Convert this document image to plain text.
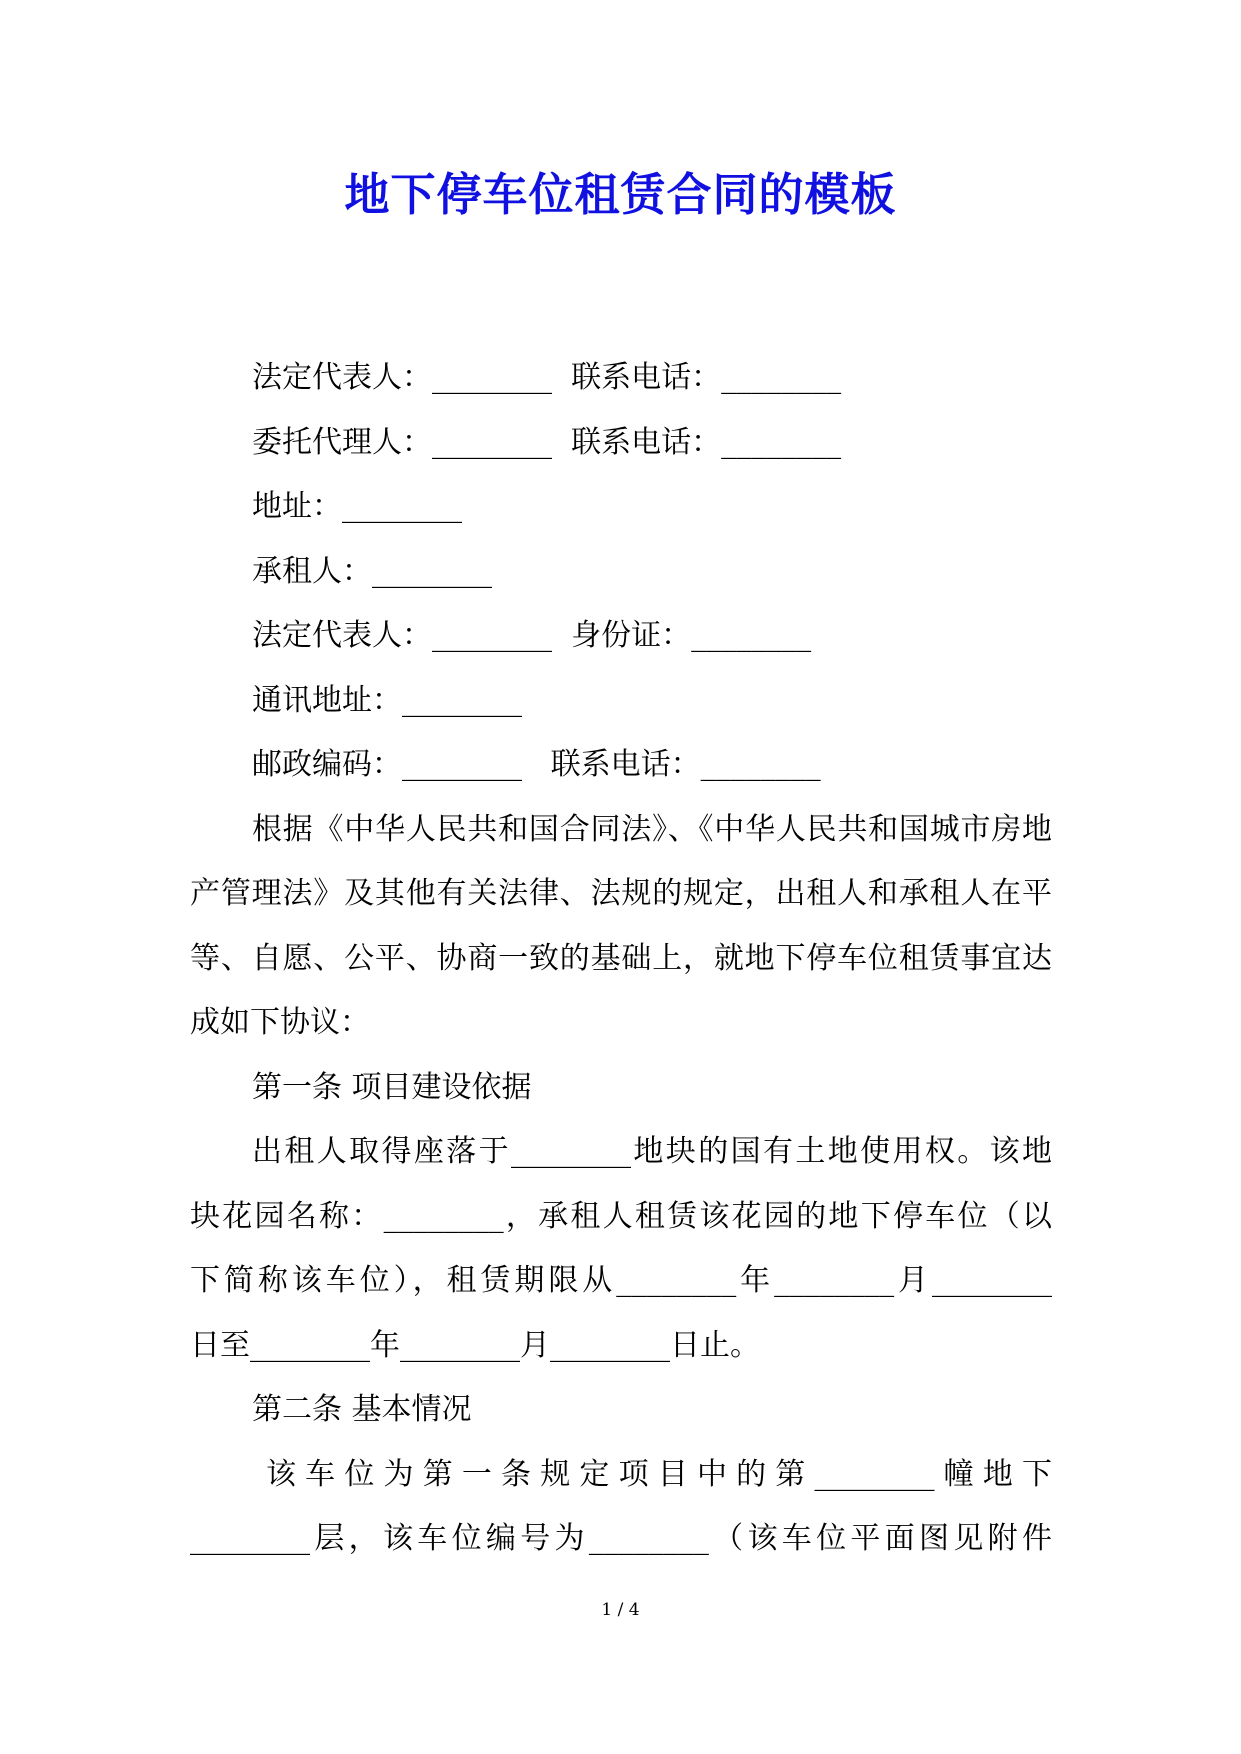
地下停车位租赁合同的模板
法定代表人：________  联系电话：________
委托代理人：________  联系电话：________
地址：________
承租人：________
法定代表人：________  身份证：________
通讯地址：________
邮政编码：________   联系电话：________
根据《中华人民共和国合同法》、《中华人民共和国城市房地
产管理法》及其他有关法律、法规的规定，出租人和承租人在平
等、自愿、公平、协商一致的基础上，就地下停车位租赁事宜达
成如下协议：
第一条 项目建设依据
出租人取得座落于________地块的国有土地使用权。该地
块花园名称：________，承租人租赁该花园的地下停车位（以
下简称该车位），租赁期限从________年________月________
日至________年________月________日止。
第二条 基本情况
该车位为第一条规定项目中的第________幢地下
________层，该车位编号为________（该车位平面图见附件
1 / 4
